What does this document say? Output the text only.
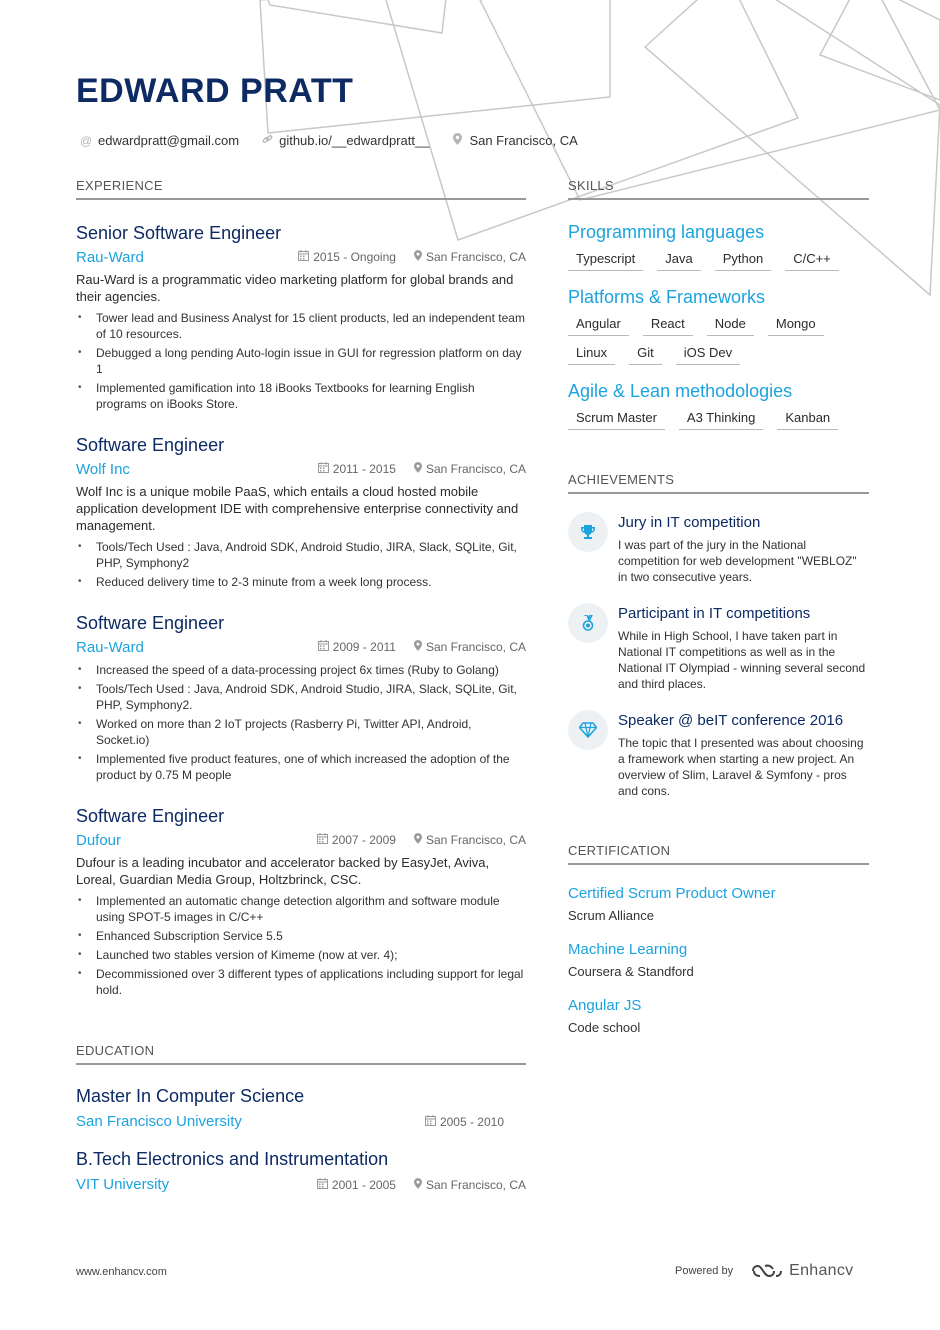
EDWARD PRATT
@ edwardpratt@gmail.com	github.io/__edwardpratt__	San Francisco, CA
EXPERIENCE
Senior Software Engineer
Rau-Ward	2015 - Ongoing	San Francisco, CA
Rau-Ward is a programmatic video marketing platform for global brands and their agencies.
• Tower lead and Business Analyst for 15 client products, led an independent team of 10 resources.
• Debugged a long pending Auto-login issue in GUI for regression platform on day 1
• Implemented gamification into 18 iBooks Textbooks for learning English programs on iBooks Store.
Software Engineer
Wolf Inc	2011 - 2015	San Francisco, CA
Wolf Inc is a unique mobile PaaS, which entails a cloud hosted mobile application development IDE with comprehensive enterprise connectivity and management.
• Tools/Tech Used : Java, Android SDK, Android Studio, JIRA, Slack, SQLite, Git, PHP, Symphony2
• Reduced delivery time to 2-3 minute from a week long process.
Software Engineer
Rau-Ward	2009 - 2011	San Francisco, CA
• Increased the speed of a data-processing project 6x times (Ruby to Golang)
• Tools/Tech Used : Java, Android SDK, Android Studio, JIRA, Slack, SQLite, Git, PHP, Symphony2.
• Worked on more than 2 IoT projects (Rasberry Pi, Twitter API, Android, Socket.io)
• Implemented five product features, one of which increased the adoption of the product by 0.75 M people
Software Engineer
Dufour	2007 - 2009	San Francisco, CA
Dufour is a leading incubator and accelerator backed by EasyJet, Aviva, Loreal, Guardian Media Group, Holtzbrinck, CSC.
• Implemented an automatic change detection algorithm and software module using SPOT-5 images in C/C++
• Enhanced Subscription Service 5.5
• Launched two stables version of Kimeme (now at ver. 4);
• Decommissioned over 3 different types of applications including support for legal hold.
EDUCATION
Master In Computer Science
San Francisco University	2005 - 2010
B.Tech Electronics and Instrumentation
VIT University	2001 - 2005	San Francisco, CA
SKILLS
Programming languages
Typescript	Java	Python	C/C++
Platforms & Frameworks
Angular	React	Node	Mongo
Linux	Git	iOS Dev
Agile & Lean methodologies
Scrum Master	A3 Thinking	Kanban
ACHIEVEMENTS
Jury in IT competition
I was part of the jury in the National competition for web development "WEBLOZ" in two consecutive years.
Participant in IT competitions
While in High School, I have taken part in National IT competitions as well as in the National IT Olympiad - winning several second and third places.
Speaker @ beIT conference 2016
The topic that I presented was about choosing a framework when starting a new project. An overview of Slim, Laravel & Symfony - pros and cons.
CERTIFICATION
Certified Scrum Product Owner
Scrum Alliance
Machine Learning
Coursera & Standford
Angular JS
Code school
www.enhancv.com	Powered by	Enhancv
